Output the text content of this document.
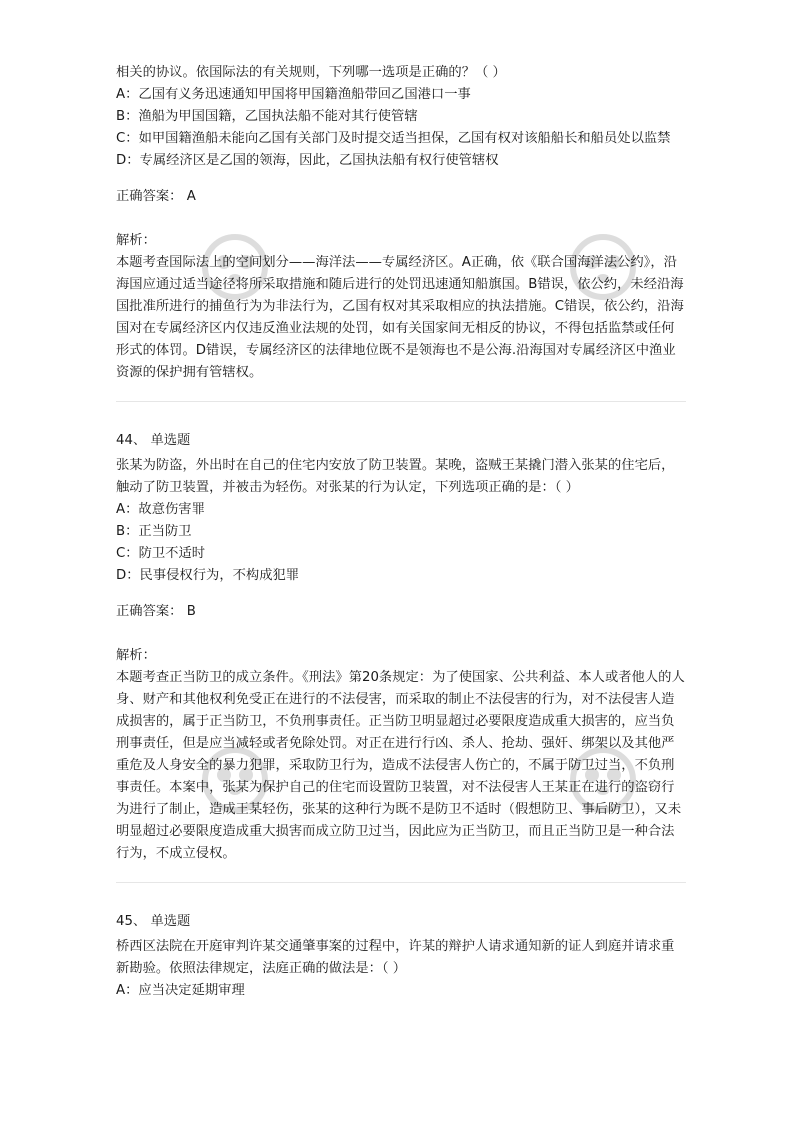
相关的协议。依国际法的有关规则，下列哪一选项是正确的？（ ）

A： 乙国有义务迅速通知甲国将甲国籍渔船带回乙国港口一事
B： 渔船为甲国国籍，乙国执法船不能对其行使管辖
C： 如甲国籍渔船未能向乙国有关部门及时提交适当担保，乙国有权对该船船长和船员处以监禁
D： 专属经济区是乙国的领海，因此，乙国执法船有权行使管辖权

正确答案： A

解析：

本题考查国际法上的空间划分——海洋法——专属经济区。A正确，依《联合国海洋法公约》，沿海国应通过适当途径将所采取措施和随后进行的处罚迅速通知船旗国。B错误，依公约，未经沿海国批准所进行的捕鱼行为为非法行为，乙国有权对其采取相应的执法措施。C错误，依公约，沿海国对在专属经济区内仅违反渔业法规的处罚，如有关国家间无相反的协议，不得包括监禁或任何形式的体罚。D错误，专属经济区的法律地位既不是领海也不是公海.沿海国对专属经济区中渔业资源的保护拥有管辖权。

44、 单选题

张某为防盗，外出时在自己的住宅内安放了防卫装置。某晚，盗贼王某撬门潜入张某的住宅后，触动了防卫装置，并被击为轻伤。对张某的行为认定，下列选项正确的是：（ ）

A： 故意伤害罪
B： 正当防卫
C： 防卫不适时
D： 民事侵权行为，不构成犯罪

正确答案： B

解析：

本题考查正当防卫的成立条件。《刑法》第20条规定：为了使国家、公共利益、本人或者他人的人身、财产和其他权利免受正在进行的不法侵害，而采取的制止不法侵害的行为，对不法侵害人造成损害的，属于正当防卫，不负刑事责任。正当防卫明显超过必要限度造成重大损害的，应当负刑事责任，但是应当减轻或者免除处罚。对正在进行行凶、杀人、抢劫、强奸、绑架以及其他严重危及人身安全的暴力犯罪，采取防卫行为，造成不法侵害人伤亡的，不属于防卫过当，不负刑事责任。本案中，张某为保护自己的住宅而设置防卫装置，对不法侵害人王某正在进行的盗窃行为进行了制止，造成王某轻伤，张某的这种行为既不是防卫不适时（假想防卫、事后防卫），又未明显超过必要限度造成重大损害而成立防卫过当，因此应为正当防卫，而且正当防卫是一种合法行为，不成立侵权。

45、 单选题

桥西区法院在开庭审判许某交通肇事案的过程中，许某的辩护人请求通知新的证人到庭并请求重新勘验。依照法律规定，法庭正确的做法是：（ ）

A： 应当决定延期审理
